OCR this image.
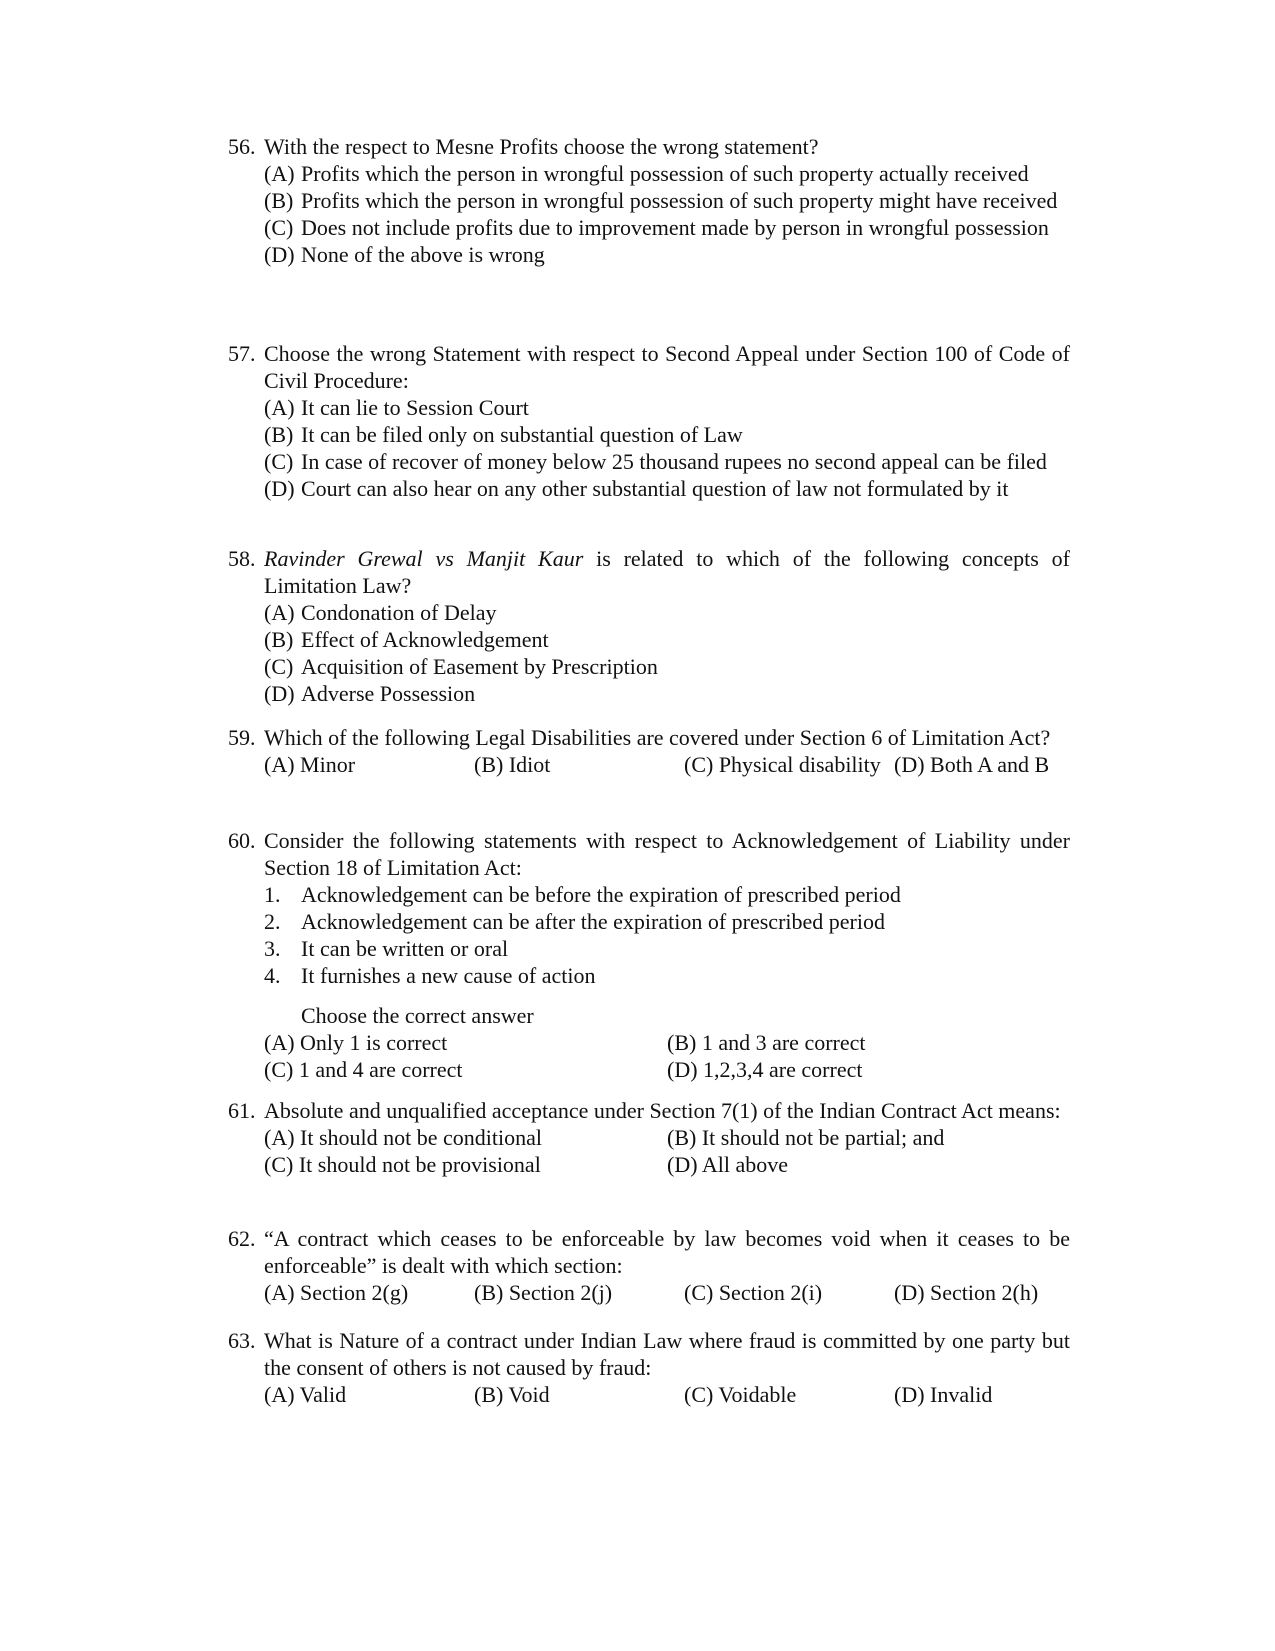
56. With the respect to Mesne Profits choose the wrong statement?
(A) Profits which the person in wrongful possession of such property actually received
(B) Profits which the person in wrongful possession of such property might have received
(C) Does not include profits due to improvement made by person in wrongful possession
(D) None of the above is wrong
57. Choose the wrong Statement with respect to Second Appeal under Section 100 of Code of Civil Procedure:
(A) It can lie to Session Court
(B) It can be filed only on substantial question of Law
(C) In case of recover of money below 25 thousand rupees no second appeal can be filed
(D) Court can also hear on any other substantial question of law not formulated by it
58. Ravinder Grewal vs Manjit Kaur is related to which of the following concepts of Limitation Law?
(A) Condonation of Delay
(B) Effect of Acknowledgement
(C) Acquisition of Easement by Prescription
(D) Adverse Possession
59. Which of the following Legal Disabilities are covered under Section 6 of Limitation Act?
(A) Minor	(B) Idiot	(C) Physical disability (D) Both A and B
60. Consider the following statements with respect to Acknowledgement of Liability under Section 18 of Limitation Act:
1. Acknowledgement can be before the expiration of prescribed period
2. Acknowledgement can be after the expiration of prescribed period
3. It can be written or oral
4. It furnishes a new cause of action
Choose the correct answer
(A) Only 1 is correct	(B) 1 and 3 are correct
(C) 1 and 4 are correct	(D) 1,2,3,4 are correct
61. Absolute and unqualified acceptance under Section 7(1) of the Indian Contract Act means:
(A) It should not be conditional	(B) It should not be partial; and
(C) It should not be provisional	(D) All above
62. “A contract which ceases to be enforceable by law becomes void when it ceases to be enforceable” is dealt with which section:
(A) Section 2(g)	(B) Section 2(j)	(C) Section 2(i)	(D) Section 2(h)
63. What is Nature of a contract under Indian Law where fraud is committed by one party but the consent of others is not caused by fraud:
(A) Valid	(B) Void	(C) Voidable	(D) Invalid
